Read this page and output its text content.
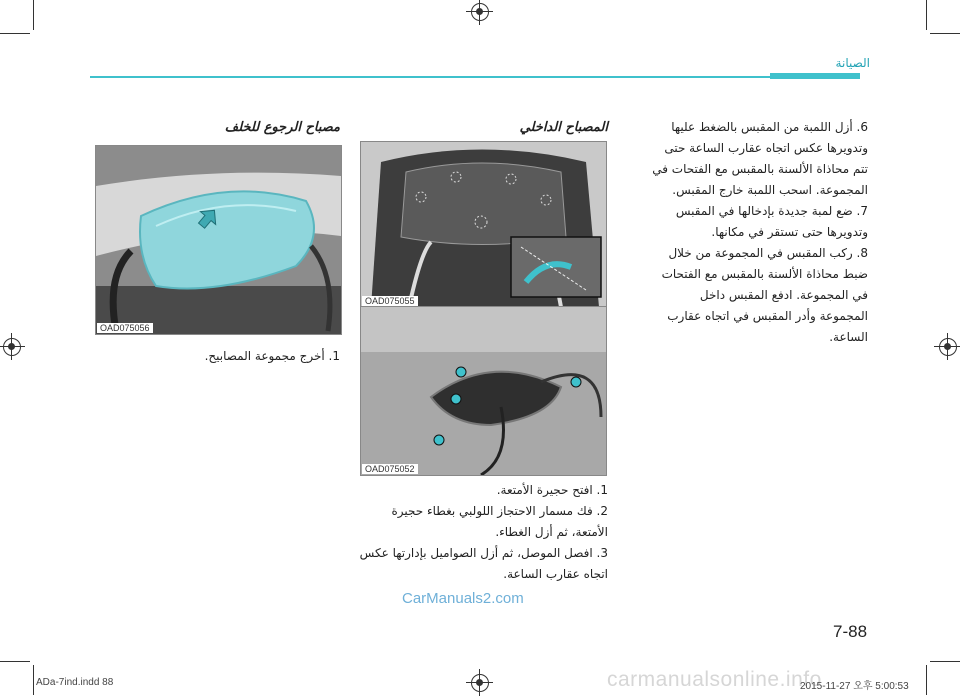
الصيانة
6. أزل اللمبة من المقبس بالضغط عليها وتدويرها عكس اتجاه عقارب الساعة حتى تتم محاذاة الألسنة بالمقبس مع الفتحات في المجموعة. اسحب اللمبة خارج المقبس.
7. ضع لمبة جديدة بإدخالها في المقبس وتدويرها حتى تستقر في مكانها.
8. ركب المقبس في المجموعة من خلال ضبط محاذاة الألسنة بالمقبس مع الفتحات في المجموعة. ادفع المقبس داخل المجموعة وأدر المقبس في اتجاه عقارب الساعة.
المصباح الداخلي
OAD075055
OAD075052
1. افتح حجيرة الأمتعة.
2. فك مسمار الاحتجاز اللولبي بغطاء حجيرة الأمتعة، ثم أزل الغطاء.
3. افصل الموصل، ثم أزل الصواميل بإدارتها عكس اتجاه عقارب الساعة.
مصباح الرجوع للخلف
OAD075056
1. أخرج مجموعة المصابيح.
CarManuals2.com
7-88
ADa-7ind.indd 88	carmanualsonline.info
2015-11-27 오후 5:00:53
